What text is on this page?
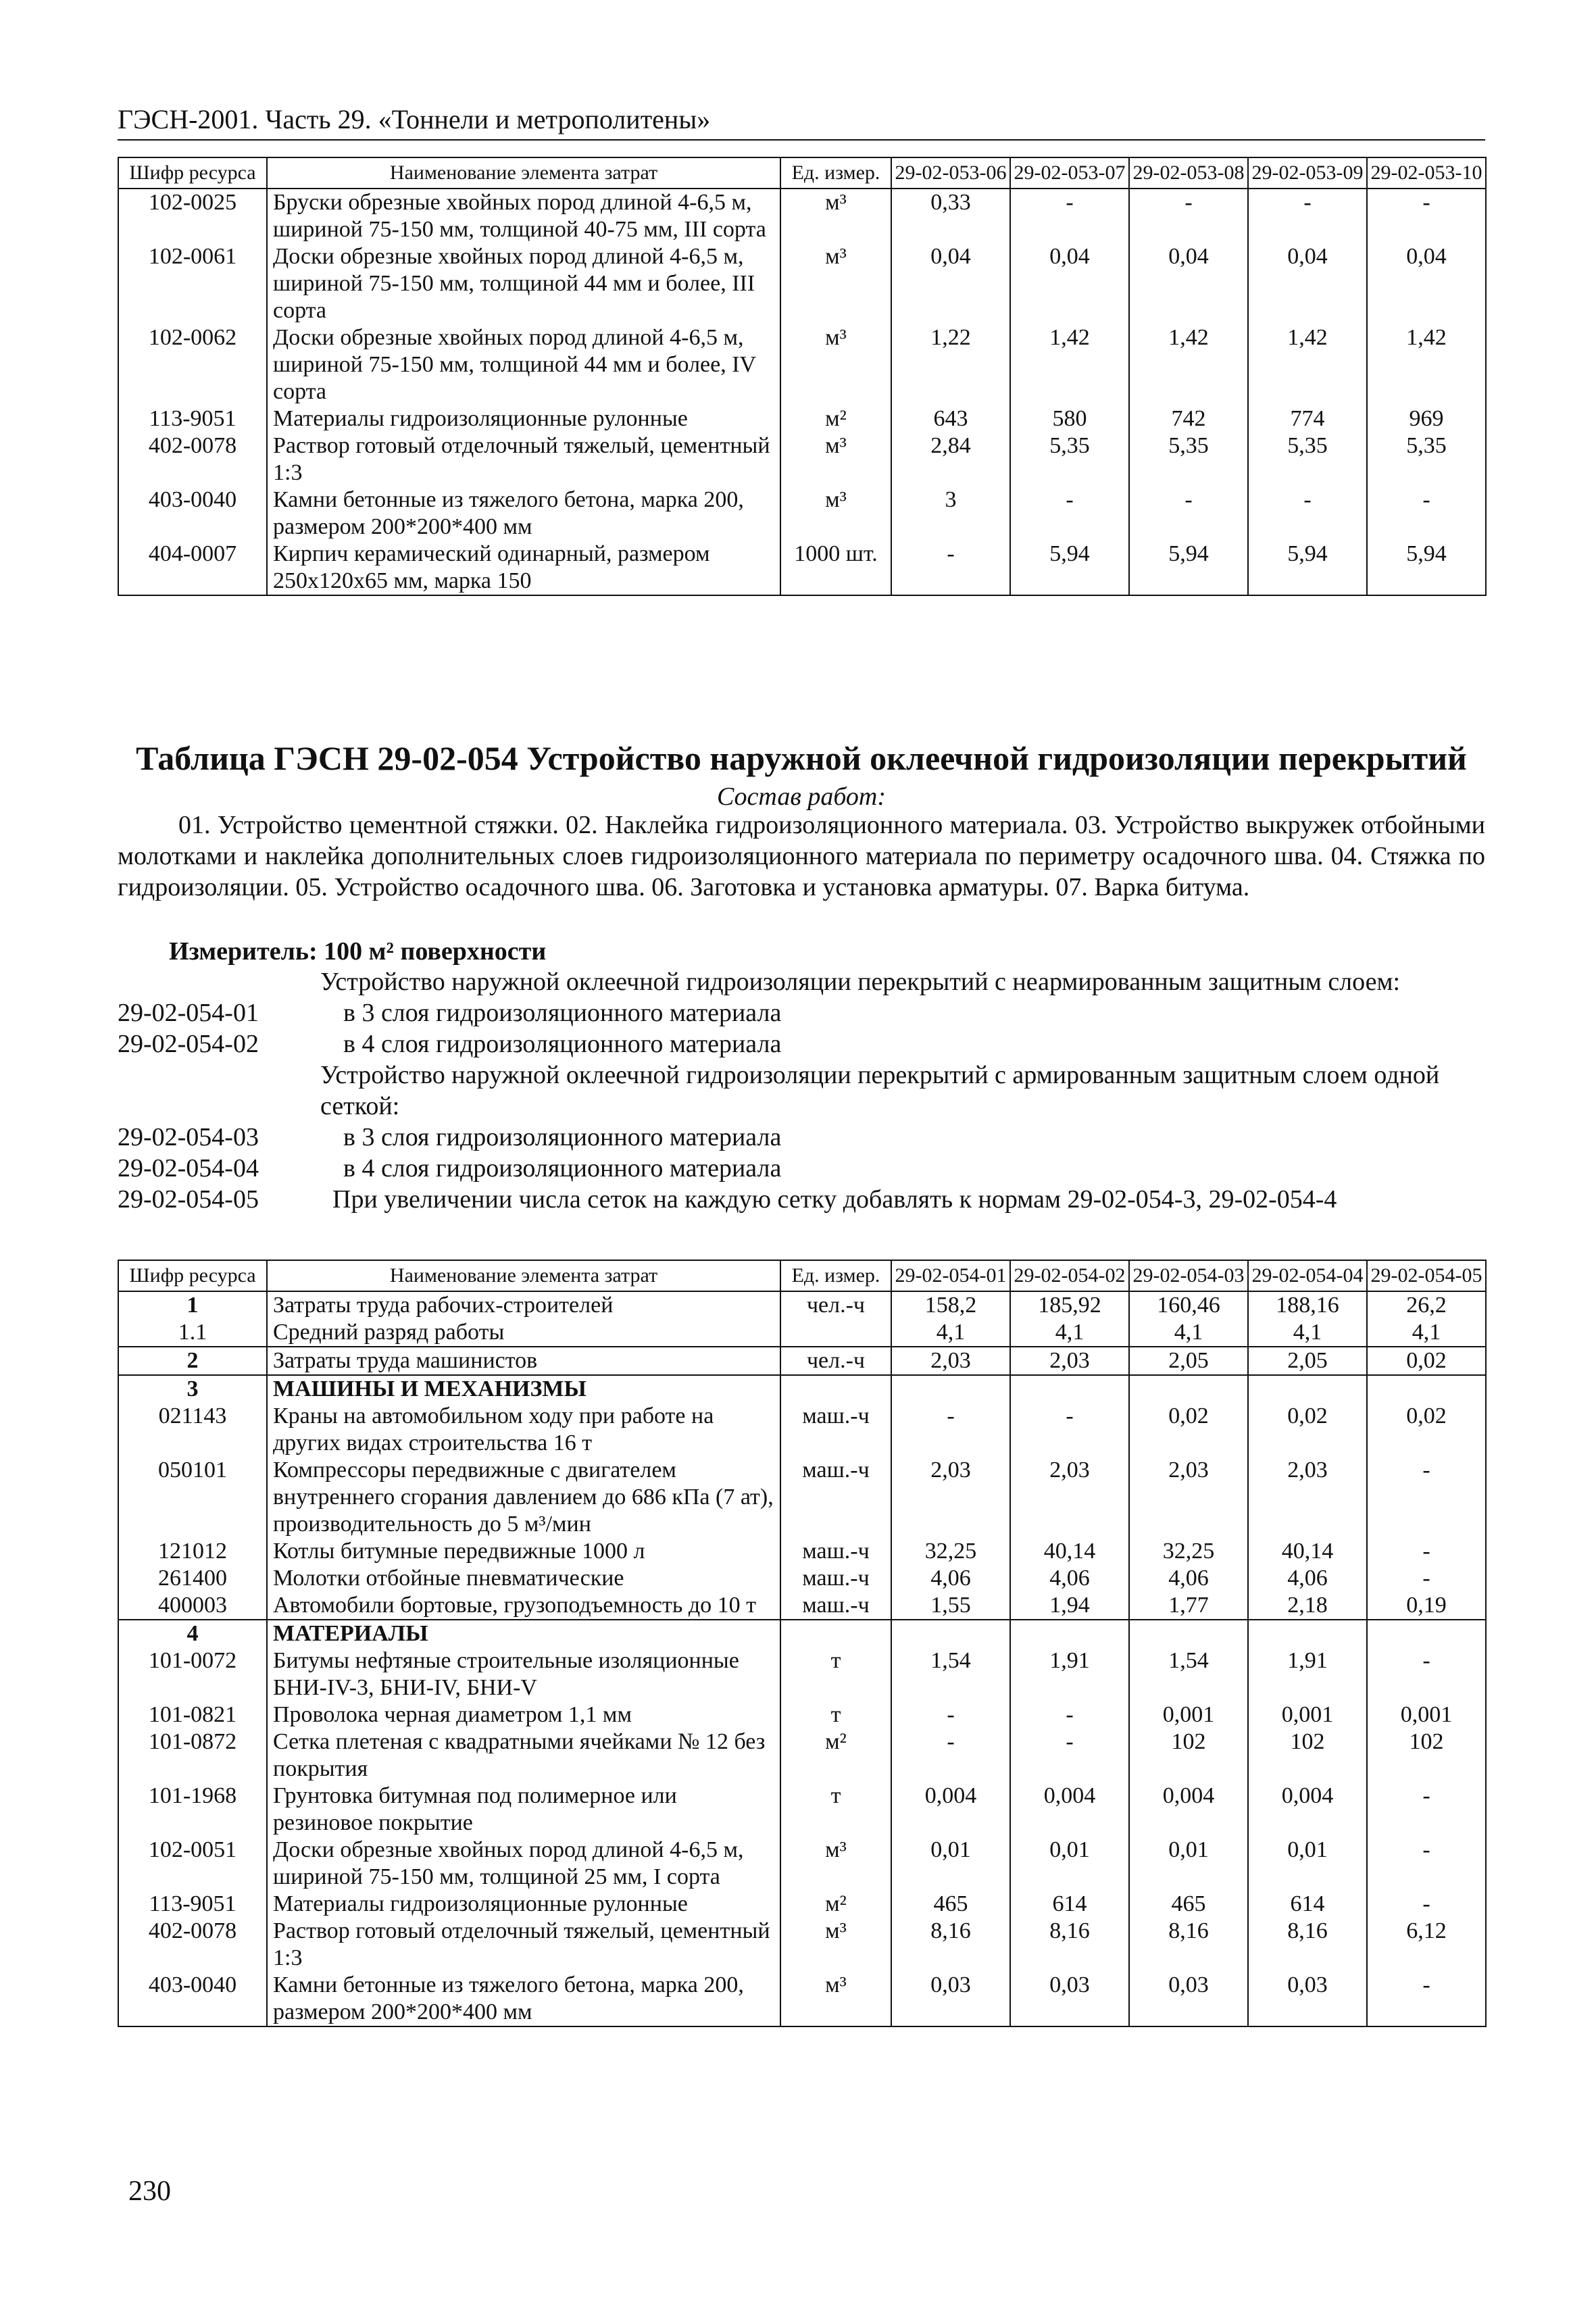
ГЭСН-2001. Часть 29. «Тоннели и метрополитены»
Шифр ресурса	Наименование элемента затрат	Ед. измер.	29-02-053-06	29-02-053-07	29-02-053-08	29-02-053-09	29-02-053-10
102-0025	Бруски обрезные хвойных пород длиной 4-6,5 м, шириной 75-150 мм, толщиной 40-75 мм, III сорта	м³	0,33	-	-	-	-
102-0061	Доски обрезные хвойных пород длиной 4-6,5 м, шириной 75-150 мм, толщиной 44 мм и более, III сорта	м³	0,04	0,04	0,04	0,04	0,04
102-0062	Доски обрезные хвойных пород длиной 4-6,5 м, шириной 75-150 мм, толщиной 44 мм и более, IV сорта	м³	1,22	1,42	1,42	1,42	1,42
113-9051	Материалы гидроизоляционные рулонные	м²	643	580	742	774	969
402-0078	Раствор готовый отделочный тяжелый, цементный 1:3	м³	2,84	5,35	5,35	5,35	5,35
403-0040	Камни бетонные из тяжелого бетона, марка 200, размером 200*200*400 мм	м³	3	-	-	-	-
404-0007	Кирпич керамический одинарный, размером 250x120x65 мм, марка 150	1000 шт.	-	5,94	5,94	5,94	5,94
Таблица ГЭСН 29-02-054 Устройство наружной оклеечной гидроизоляции перекрытий
Состав работ:
01. Устройство цементной стяжки. 02. Наклейка гидроизоляционного материала. 03. Устройство выкружек отбойными молотками и наклейка дополнительных слоев гидроизоляционного материала по периметру осадочного шва. 04. Стяжка по гидроизоляции. 05. Устройство осадочного шва. 06. Заготовка и установка арматуры. 07. Варка битума.
Измеритель: 100 м² поверхности
Устройство наружной оклеечной гидроизоляции перекрытий с неармированным защитным слоем:
29-02-054-01	в 3 слоя гидроизоляционного материала
29-02-054-02	в 4 слоя гидроизоляционного материала
Устройство наружной оклеечной гидроизоляции перекрытий с армированным защитным слоем одной сеткой:
29-02-054-03	в 3 слоя гидроизоляционного материала
29-02-054-04	в 4 слоя гидроизоляционного материала
29-02-054-05	При увеличении числа сеток на каждую сетку добавлять к нормам 29-02-054-3, 29-02-054-4
Шифр ресурса	Наименование элемента затрат	Ед. измер.	29-02-054-01	29-02-054-02	29-02-054-03	29-02-054-04	29-02-054-05
1	Затраты труда рабочих-строителей	чел.-ч	158,2	185,92	160,46	188,16	26,2
1.1	Средний разряд работы		4,1	4,1	4,1	4,1	4,1
2	Затраты труда машинистов	чел.-ч	2,03	2,03	2,05	2,05	0,02
3	МАШИНЫ И МЕХАНИЗМЫ						
021143	Краны на автомобильном ходу при работе на других видах строительства 16 т	маш.-ч	-	-	0,02	0,02	0,02
050101	Компрессоры передвижные с двигателем внутреннего сгорания давлением до 686 кПа (7 ат), производительность до 5 м³/мин	маш.-ч	2,03	2,03	2,03	2,03	-
121012	Котлы битумные передвижные 1000 л	маш.-ч	32,25	40,14	32,25	40,14	-
261400	Молотки отбойные пневматические	маш.-ч	4,06	4,06	4,06	4,06	-
400003	Автомобили бортовые, грузоподъемность до 10 т	маш.-ч	1,55	1,94	1,77	2,18	0,19
4	МАТЕРИАЛЫ						
101-0072	Битумы нефтяные строительные изоляционные БНИ-IV-3, БНИ-IV, БНИ-V	т	1,54	1,91	1,54	1,91	-
101-0821	Проволока черная диаметром 1,1 мм	т	-	-	0,001	0,001	0,001
101-0872	Сетка плетеная с квадратными ячейками № 12 без покрытия	м²	-	-	102	102	102
101-1968	Грунтовка битумная под полимерное или резиновое покрытие	т	0,004	0,004	0,004	0,004	-
102-0051	Доски обрезные хвойных пород длиной 4-6,5 м, шириной 75-150 мм, толщиной 25 мм, I сорта	м³	0,01	0,01	0,01	0,01	-
113-9051	Материалы гидроизоляционные рулонные	м²	465	614	465	614	-
402-0078	Раствор готовый отделочный тяжелый, цементный 1:3	м³	8,16	8,16	8,16	8,16	6,12
403-0040	Камни бетонные из тяжелого бетона, марка 200, размером 200*200*400 мм	м³	0,03	0,03	0,03	0,03	-
230
